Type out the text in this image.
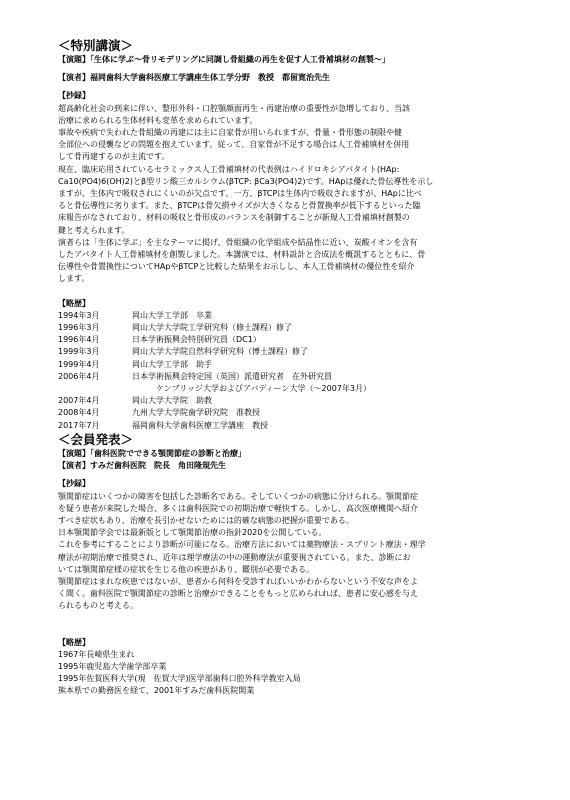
＜特別講演＞
【演題】「生体に学ぶ～骨リモデリングに同調し骨組織の再生を促す人工骨補填材の創製～」
【演者】福岡歯科大学歯科医療工学講座生体工学分野　教授　都留寛治先生
【抄録】
超高齢化社会の到来に伴い、整形外科・口腔顎顔面再生・再建治療の重要性が急増しており、当該
治療に求められる生体材料も変革を求められています。
事故や疾病で失われた骨組織の再建には主に自家骨が用いられますが、骨量・骨形態の制限や健
全部位への侵襲などの問題を抱えています。従って、自家骨が不足する場合は人工骨補填材を併用
して骨再建するのが主流です。
現在、臨床応用されているセラミックス人工骨補填材の代表例はハイドロキシアパタイト(HAp:
Ca10(PO4)6(OH)2)とβ型リン酸三カルシウム(βTCP: βCa3(PO4)2)です。HApは優れた骨伝導性を示し
ますが、生体内で吸収されにくいのが欠点です。一方、βTCPは生体内で吸収されますが、HApに比べ
ると骨伝導性に劣ります。また、βTCPは骨欠損サイズが大きくなると骨置換率が低下するといった臨
床報告がなされており、材料の吸収と骨形成のバランスを制御することが新規人工骨補填材創製の
鍵と考えられます。
演者らは「生体に学ぶ」を主なテーマに掲げ、骨組織の化学組成や結晶性に近い、炭酸イオンを含有
したアパタイト人工骨補填材を創製しました。本講演では、材料設計と合成法を概説するとともに、骨
伝導性や骨置換性についてHApやβTCPと比較した結果をお示しし、本人工骨補填材の優位性を紹介
します。
【略歴】
1994年3月	岡山大学工学部　卒業
1996年3月	岡山大学大学院工学研究科（修士課程）修了
1996年4月	日本学術振興会特別研究員（DC1）
1999年3月	岡山大学大学院自然科学研究科（博士課程）修了
1999年4月	岡山大学工学部　助手
2006年4月	日本学術振興会特定国（英国）派遣研究者　在外研究員
　　　ケンブリッジ大学およびアバディーン大学（～2007年3月）
2007年4月	岡山大学大学院　助教
2008年4月	九州大学大学院歯学研究院　准教授
2017年7月	福岡歯科大学歯科医療工学講座　教授
＜会員発表＞
【演題】「歯科医院でできる顎関節症の診断と治療」
【演者】すみだ歯科医院　院長　角田隆規先生
【抄録】
顎関節症はいくつかの障害を包括した診断名である。そしていくつかの病態に分けられる。顎関節症
を疑う患者が来院した場合、多くは歯科医院での初期治療で軽快する。しかし、高次医療機関へ紹介
すべき症状もあり、治療を長引かせないためには的確な病態の把握が重要である。
日本顎関節学会では最新版として顎関節治療の指針2020を公開している。
これを参考にすることにより診断が可能になる。治療方法においては薬物療法・スプリント療法・理学
療法が初期治療で推奨され、近年は理学療法の中の運動療法が重要視されている。また、診断にお
いては顎関節症様の症状を生じる他の疾患があり、鑑別が必要である。
顎関節症はまれな疾患ではないが、患者から何科を受診すればいいかわからないという不安な声をよ
く聞く。歯科医院で顎関節症の診断と治療ができることをもっと広められれば、患者に安心感を与え
られるものと考える。
【略歴】
1967年長崎県生まれ
1995年鹿児島大学歯学部卒業
1995年佐賀医科大学(現　佐賀大学)医学部歯科口腔外科学教室入局
熊本県での勤務医を経て、2001年すみだ歯科医院開業
